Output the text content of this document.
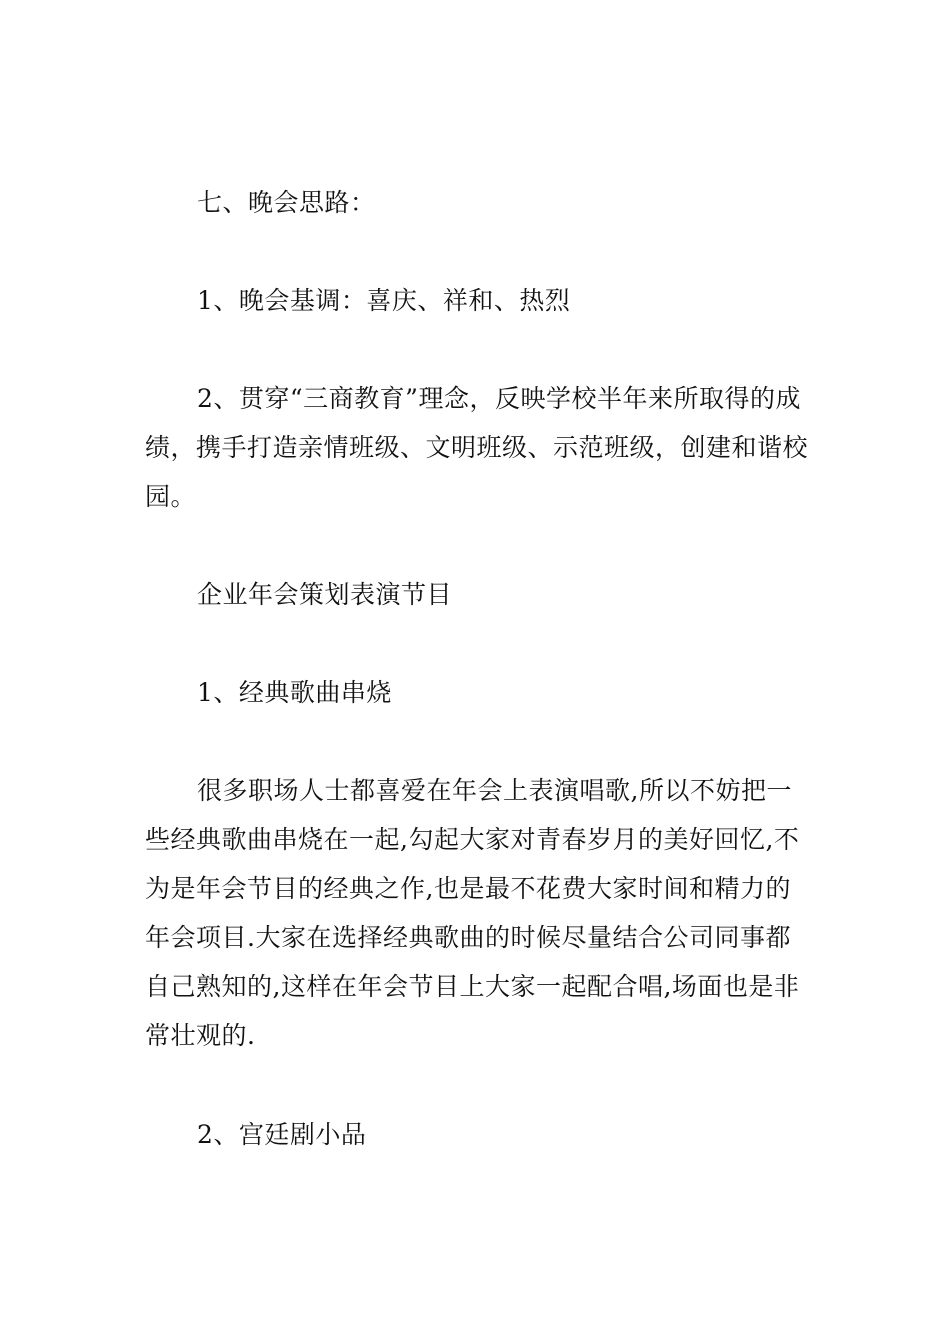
七、晚会思路：

1、晚会基调：喜庆、祥和、热烈

2、贯穿“三商教育”理念，反映学校半年来所取得的成绩，携手打造亲情班级、文明班级、示范班级，创建和谐校园。

企业年会策划表演节目

1、经典歌曲串烧

很多职场人士都喜爱在年会上表演唱歌,所以不妨把一些经典歌曲串烧在一起,勾起大家对青春岁月的美好回忆,不为是年会节目的经典之作,也是最不花费大家时间和精力的年会项目.大家在选择经典歌曲的时候尽量结合公司同事都自己熟知的,这样在年会节目上大家一起配合唱,场面也是非常壮观的.

2、宫廷剧小品
